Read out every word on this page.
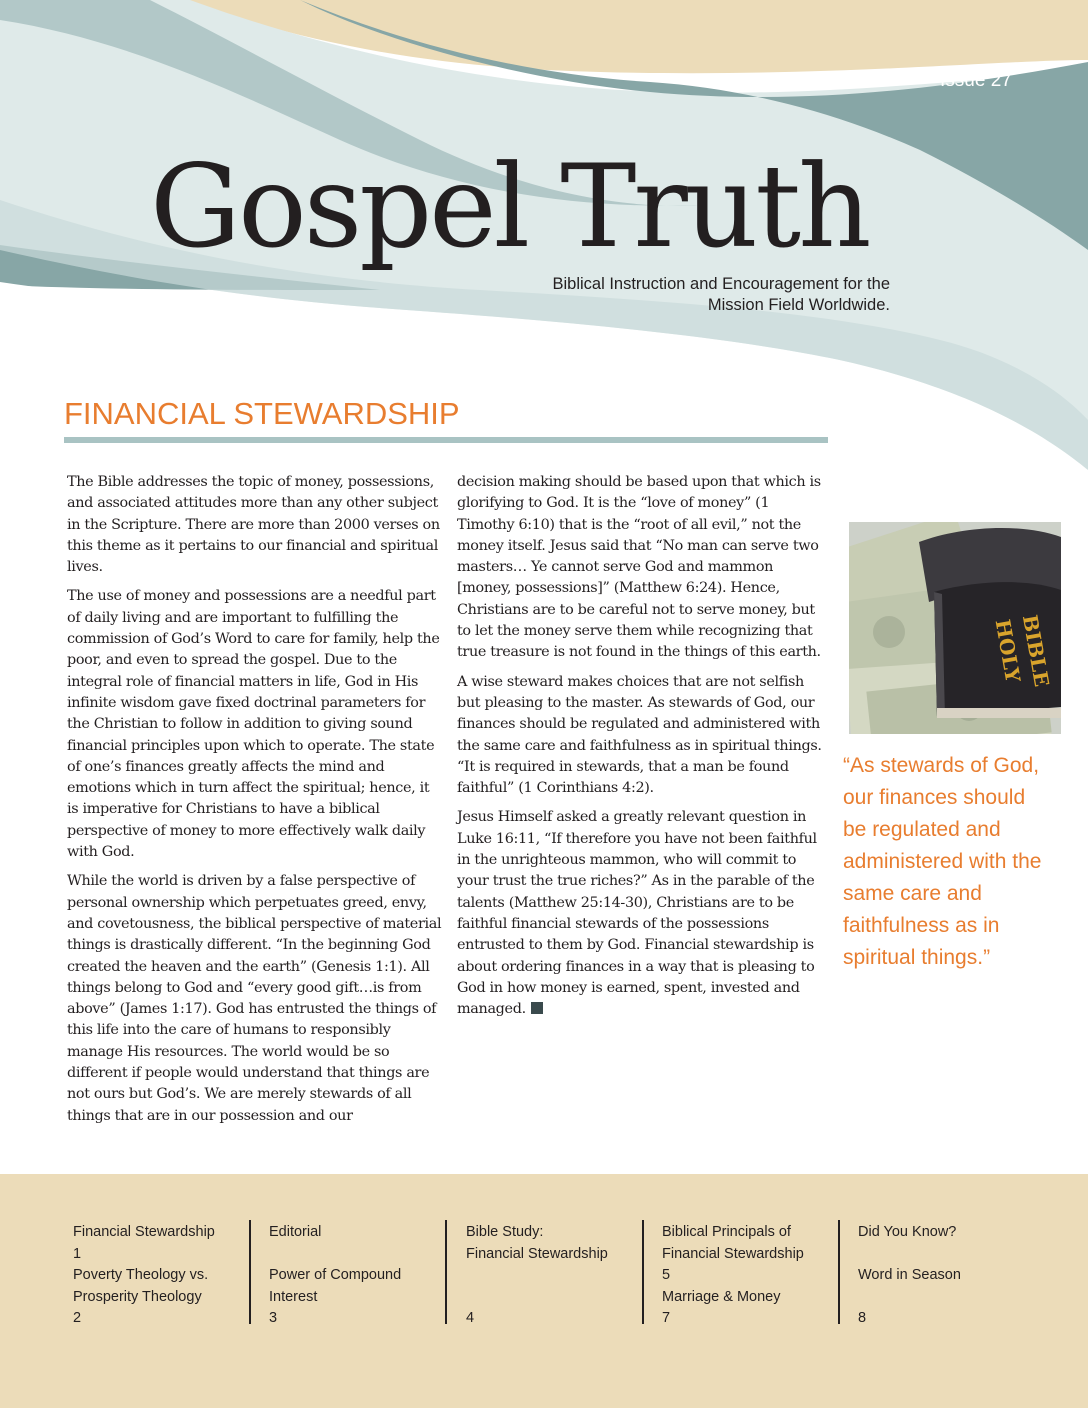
Issue 27
Gospel Truth
Biblical Instruction and Encouragement for the
Mission Field Worldwide.
FINANCIAL STEWARDSHIP

The Bible addresses the topic of money, possessions, and associated attitudes more than any other subject in the Scripture. There are more than 2000 verses on this theme as it pertains to our financial and spiritual lives.

The use of money and possessions are a needful part of daily living and are important to fulfilling the commission of God’s Word to care for family, help the poor, and even to spread the gospel. Due to the integral role of financial matters in life, God in His infinite wisdom gave fixed doctrinal parameters for the Christian to follow in addition to giving sound financial principles upon which to operate. The state of one’s finances greatly affects the mind and emotions which in turn affect the spiritual; hence, it is imperative for Christians to have a biblical perspective of money to more effectively walk daily with God.

While the world is driven by a false perspective of personal ownership which perpetuates greed, envy, and covetousness, the biblical perspective of material things is drastically different. “In the beginning God created the heaven and the earth” (Genesis 1:1). All things belong to God and “every good gift…is from above” (James 1:17). God has entrusted the things of this life into the care of humans to responsibly manage His resources. The world would be so different if people would understand that things are not ours but God’s. We are merely stewards of all things that are in our possession and our

decision making should be based upon that which is glorifying to God. It is the “love of money” (1 Timothy 6:10) that is the “root of all evil,” not the money itself. Jesus said that “No man can serve two masters… Ye cannot serve God and mammon [money, possessions]” (Matthew 6:24). Hence, Christians are to be careful not to serve money, but to let the money serve them while recognizing that true treasure is not found in the things of this earth.

A wise steward makes choices that are not selfish but pleasing to the master. As stewards of God, our finances should be regulated and administered with the same care and faithfulness as in spiritual things. “It is required in stewards, that a man be found faithful” (1 Corinthians 4:2).

Jesus Himself asked a greatly relevant question in Luke 16:11, “If therefore you have not been faithful in the unrighteous mammon, who will commit to your trust the true riches?” As in the parable of the talents (Matthew 25:14-30), Christians are to be faithful financial stewards of the possessions entrusted to them by God. Financial stewardship is about ordering finances in a way that is pleasing to God in how money is earned, spent, invested and managed.

HOLY
BIBLE
“As stewards of God, our finances should be regulated and administered with the same care and faithfulness as in spiritual things.”
Financial Stewardship
1
Poverty Theology vs.
Prosperity Theology
2
Editorial

Power of Compound
Interest
3
Bible Study:
Financial Stewardship

4
Biblical Principals of
Financial Stewardship
5
Marriage & Money
7
Did You Know?

Word in Season

8
